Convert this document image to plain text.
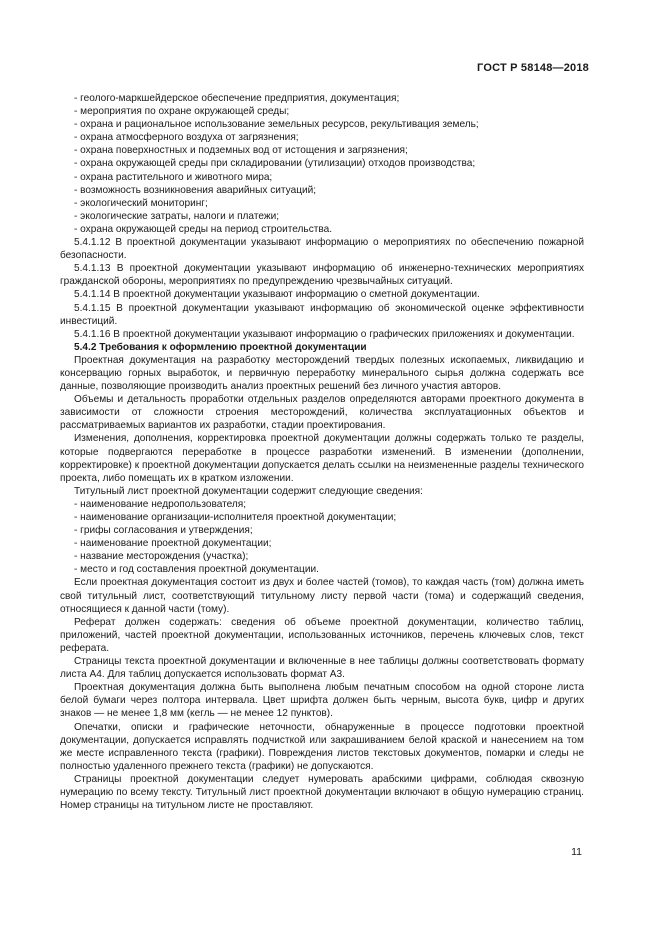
ГОСТ Р 58148—2018

- геолого-маркшейдерское обеспечение предприятия, документация;

- мероприятия по охране окружающей среды;

- охрана и рациональное использование земельных ресурсов, рекультивация земель;

- охрана атмосферного воздуха от загрязнения;

- охрана поверхностных и подземных вод от истощения и загрязнения;

- охрана окружающей среды при складировании (утилизации) отходов производства;

- охрана растительного и животного мира;

- возможность возникновения аварийных ситуаций;

- экологический мониторинг;

- экологические затраты, налоги и платежи;

- охрана окружающей среды на период строительства.

5.4.1.12 В проектной документации указывают информацию о мероприятиях по обеспечению пожарной безопасности.

5.4.1.13 В проектной документации указывают информацию об инженерно-технических мероприятиях гражданской обороны, мероприятиях по предупреждению чрезвычайных ситуаций.

5.4.1.14 В проектной документации указывают информацию о сметной документации.

5.4.1.15 В проектной документации указывают информацию об экономической оценке эффективности инвестиций.

5.4.1.16 В проектной документации указывают информацию о графических приложениях и документации.

5.4.2 Требования к оформлению проектной документации

Проектная документация на разработку месторождений твердых полезных ископаемых, ликвидацию и консервацию горных выработок, и первичную переработку минерального сырья должна содержать все данные, позволяющие производить анализ проектных решений без личного участия авторов.

Объемы и детальность проработки отдельных разделов определяются авторами проектного документа в зависимости от сложности строения месторождений, количества эксплуатационных объектов и рассматриваемых вариантов их разработки, стадии проектирования.

Изменения, дополнения, корректировка проектной документации должны содержать только те разделы, которые подвергаются переработке в процессе разработки изменений. В изменении (дополнении, корректировке) к проектной документации допускается делать ссылки на неизмененные разделы технического проекта, либо помещать их в кратком изложении.

Титульный лист проектной документации содержит следующие сведения:

- наименование недропользователя;

- наименование организации-исполнителя проектной документации;

- грифы согласования и утверждения;

- наименование проектной документации;

- название месторождения (участка);

- место и год составления проектной документации.

Если проектная документация состоит из двух и более частей (томов), то каждая часть (том) должна иметь свой титульный лист, соответствующий титульному листу первой части (тома) и содержащий сведения, относящиеся к данной части (тому).

Реферат должен содержать: сведения об объеме проектной документации, количество таблиц, приложений, частей проектной документации, использованных источников, перечень ключевых слов, текст реферата.

Страницы текста проектной документации и включенные в нее таблицы должны соответствовать формату листа А4. Для таблиц допускается использовать формат А3.

Проектная документация должна быть выполнена любым печатным способом на одной стороне листа белой бумаги через полтора интервала. Цвет шрифта должен быть черным, высота букв, цифр и других знаков — не менее 1,8 мм (кегль — не менее 12 пунктов).

Опечатки, описки и графические неточности, обнаруженные в процессе подготовки проектной документации, допускается исправлять подчисткой или закрашиванием белой краской и нанесением на том же месте исправленного текста (графики). Повреждения листов текстовых документов, помарки и следы не полностью удаленного прежнего текста (графики) не допускаются.

Страницы проектной документации следует нумеровать арабскими цифрами, соблюдая сквозную нумерацию по всему тексту. Титульный лист проектной документации включают в общую нумерацию страниц. Номер страницы на титульном листе не проставляют.

11
